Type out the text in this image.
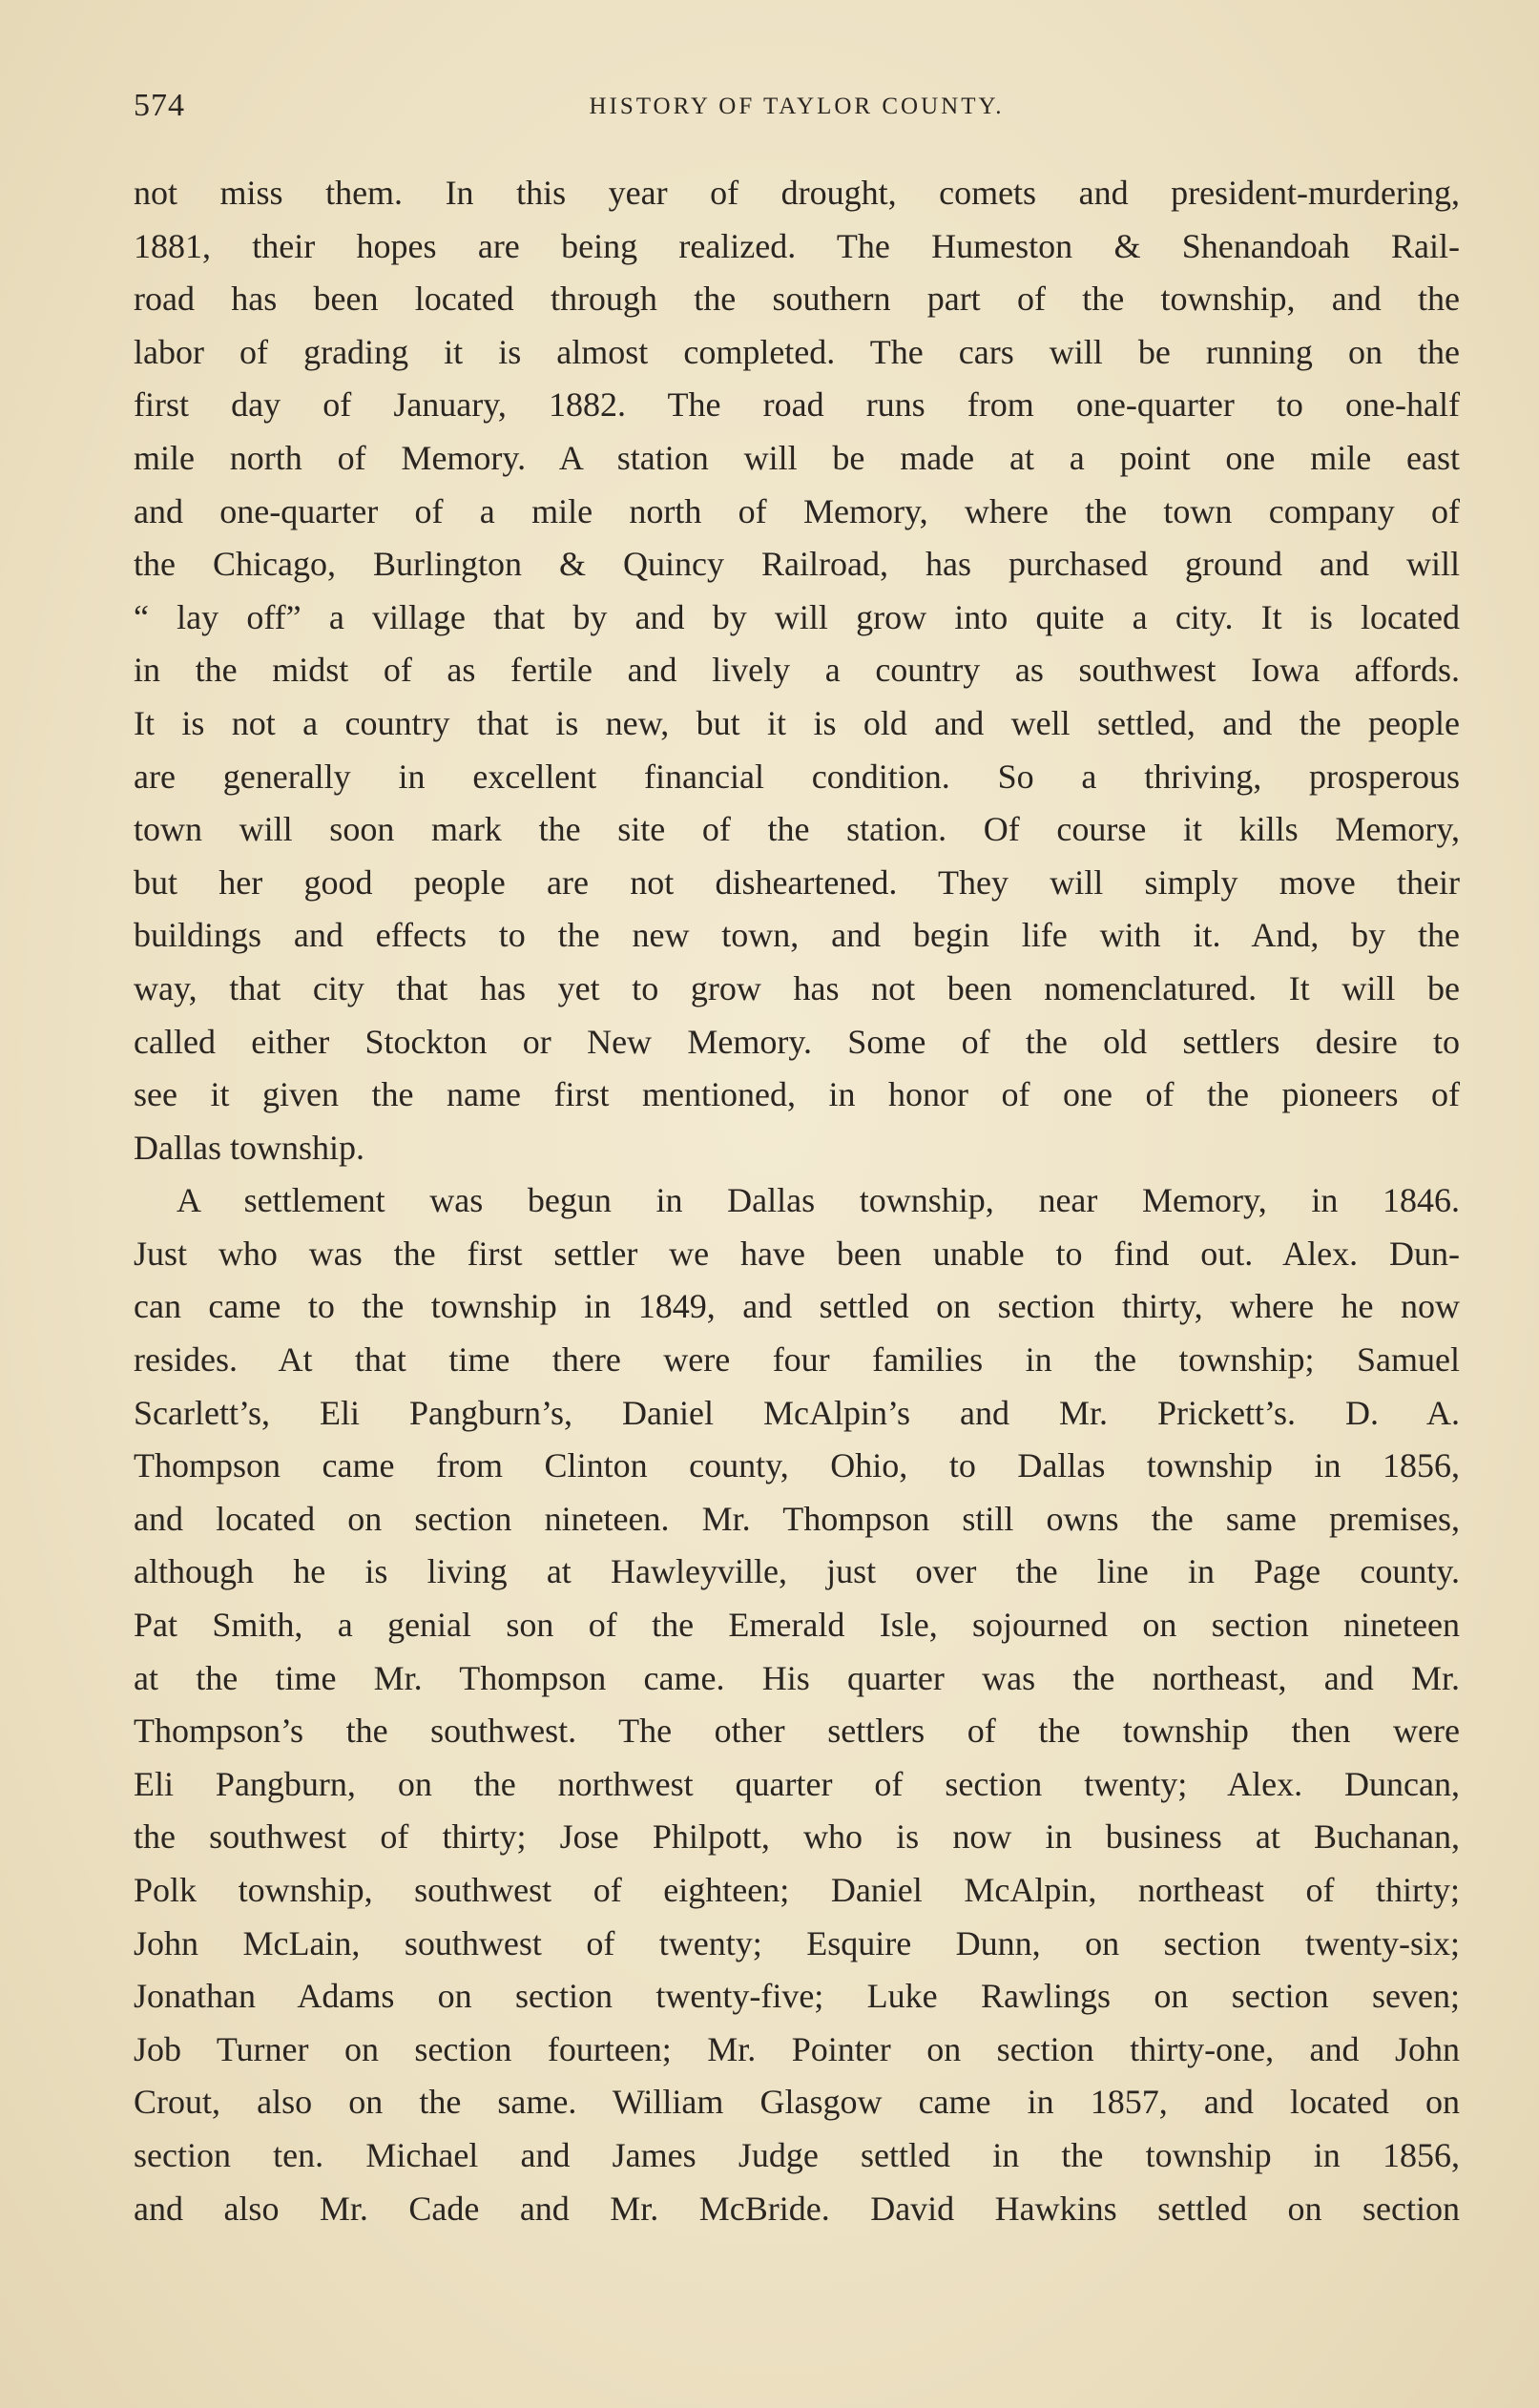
574	HISTORY OF TAYLOR COUNTY.
not miss them. In this year of drought, comets and president-murdering,
1881, their hopes are being realized. The Humeston & Shenandoah Rail-
road has been located through the southern part of the township, and the
labor of grading it is almost completed. The cars will be running on the
first day of January, 1882. The road runs from one-quarter to one-half
mile north of Memory. A station will be made at a point one mile east
and one-quarter of a mile north of Memory, where the town company of
the Chicago, Burlington & Quincy Railroad, has purchased ground and will
“ lay off” a village that by and by will grow into quite a city. It is located
in the midst of as fertile and lively a country as southwest Iowa affords.
It is not a country that is new, but it is old and well settled, and the people
are generally in excellent financial condition. So a thriving, prosperous
town will soon mark the site of the station. Of course it kills Memory,
but her good people are not disheartened. They will simply move their
buildings and effects to the new town, and begin life with it. And, by the
way, that city that has yet to grow has not been nomenclatured. It will be
called either Stockton or New Memory. Some of the old settlers desire to
see it given the name first mentioned, in honor of one of the pioneers of
Dallas township.
A settlement was begun in Dallas township, near Memory, in 1846.
Just who was the first settler we have been unable to find out. Alex. Dun-
can came to the township in 1849, and settled on section thirty, where he now
resides. At that time there were four families in the township; Samuel
Scarlett’s, Eli Pangburn’s, Daniel McAlpin’s and Mr. Prickett’s. D. A.
Thompson came from Clinton county, Ohio, to Dallas township in 1856,
and located on section nineteen. Mr. Thompson still owns the same premises,
although he is living at Hawleyville, just over the line in Page county.
Pat Smith, a genial son of the Emerald Isle, sojourned on section nineteen
at the time Mr. Thompson came. His quarter was the northeast, and Mr.
Thompson’s the southwest. The other settlers of the township then were
Eli Pangburn, on the northwest quarter of section twenty; Alex. Duncan,
the southwest of thirty; Jose Philpott, who is now in business at Buchanan,
Polk township, southwest of eighteen; Daniel McAlpin, northeast of thirty;
John McLain, southwest of twenty; Esquire Dunn, on section twenty-six;
Jonathan Adams on section twenty-five; Luke Rawlings on section seven;
Job Turner on section fourteen; Mr. Pointer on section thirty-one, and John
Crout, also on the same. William Glasgow came in 1857, and located on
section ten. Michael and James Judge settled in the township in 1856,
and also Mr. Cade and Mr. McBride. David Hawkins settled on section
